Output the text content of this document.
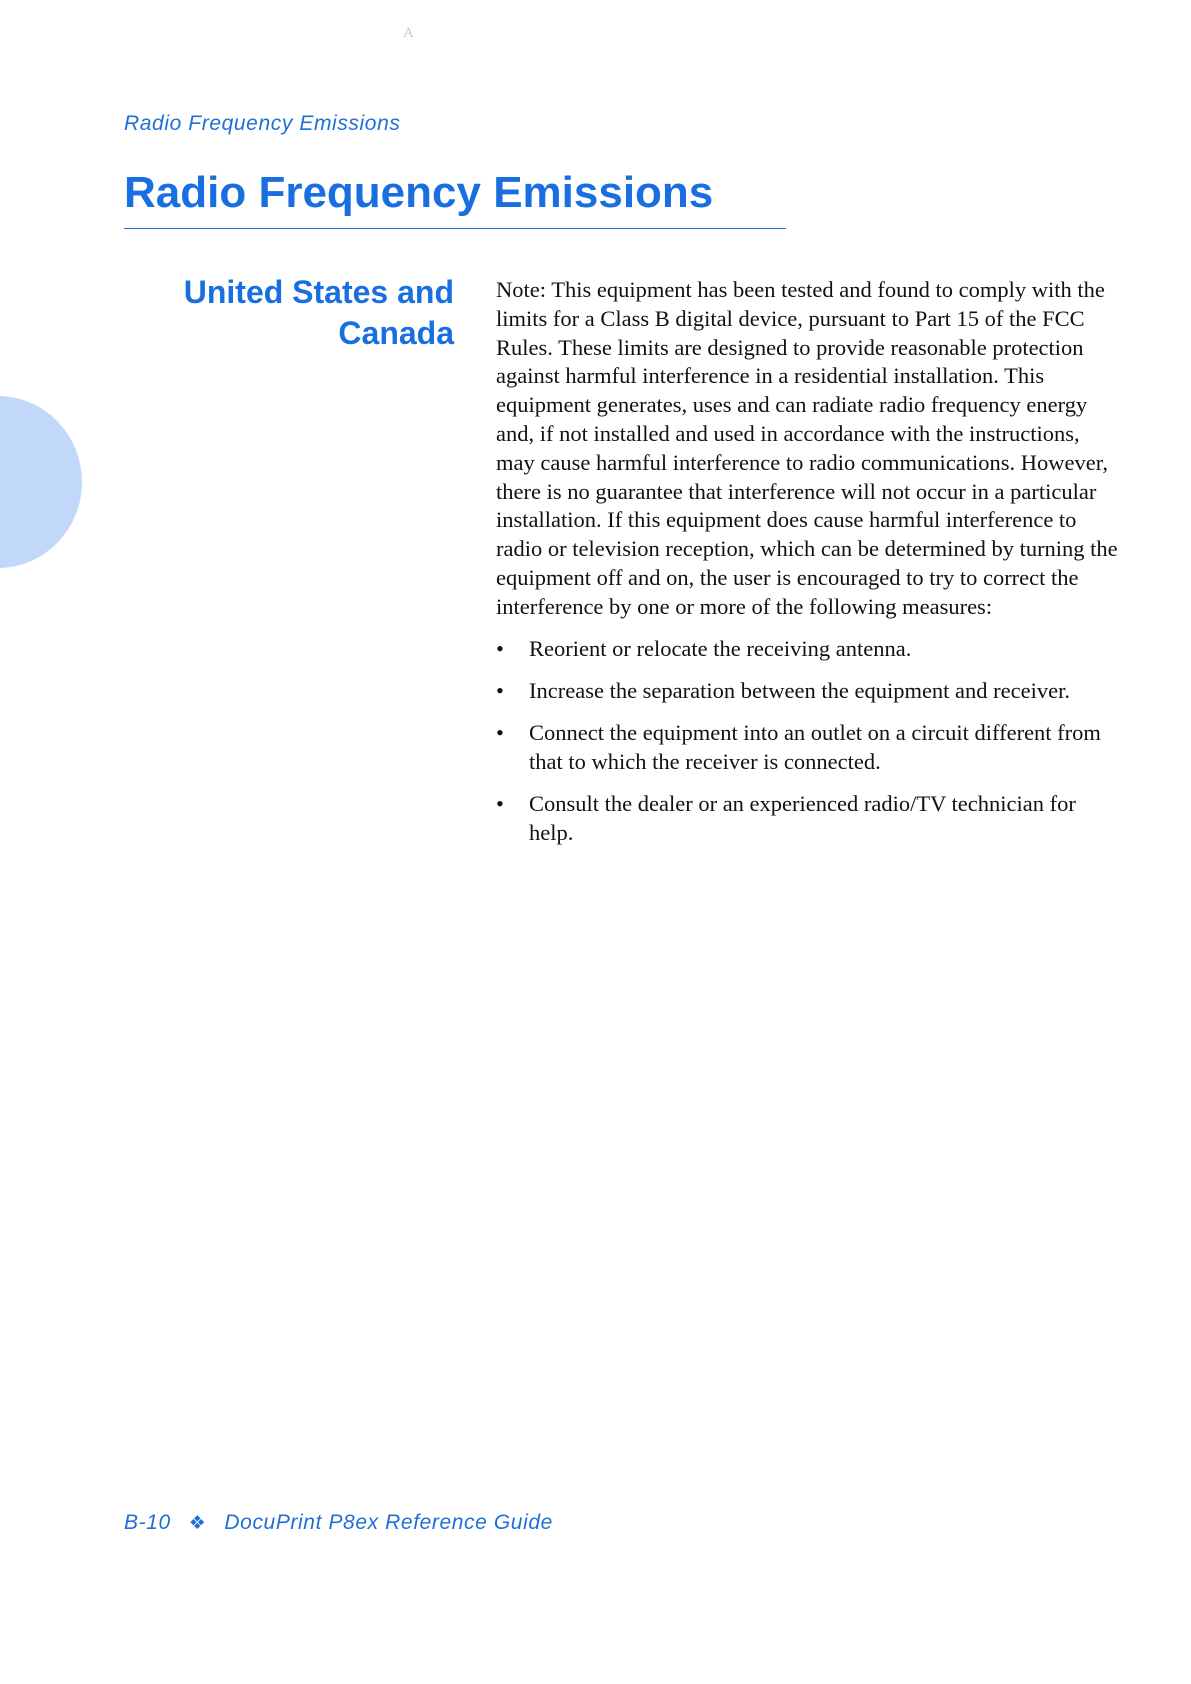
A
Radio Frequency Emissions
Radio Frequency Emissions
United States and
Canada

Note: This equipment has been tested and found to comply with the limits for a Class B digital device, pursuant to Part 15 of the FCC Rules. These limits are designed to provide reasonable protection against harmful interference in a residential installation. This equipment generates, uses and can radiate radio frequency energy and, if not installed and used in accordance with the instructions, may cause harmful interference to radio communications. However, there is no guarantee that interference will not occur in a particular installation. If this equipment does cause harmful interference to radio or television reception, which can be determined by turning the equipment off and on, the user is encouraged to try to correct the interference by one or more of the following measures:

• Reorient or relocate the receiving antenna.
• Increase the separation between the equipment and receiver.
• Connect the equipment into an outlet on a circuit different from that to which the receiver is connected.
• Consult the dealer or an experienced radio/TV technician for help.
B-10 ❖ DocuPrint P8ex Reference Guide
